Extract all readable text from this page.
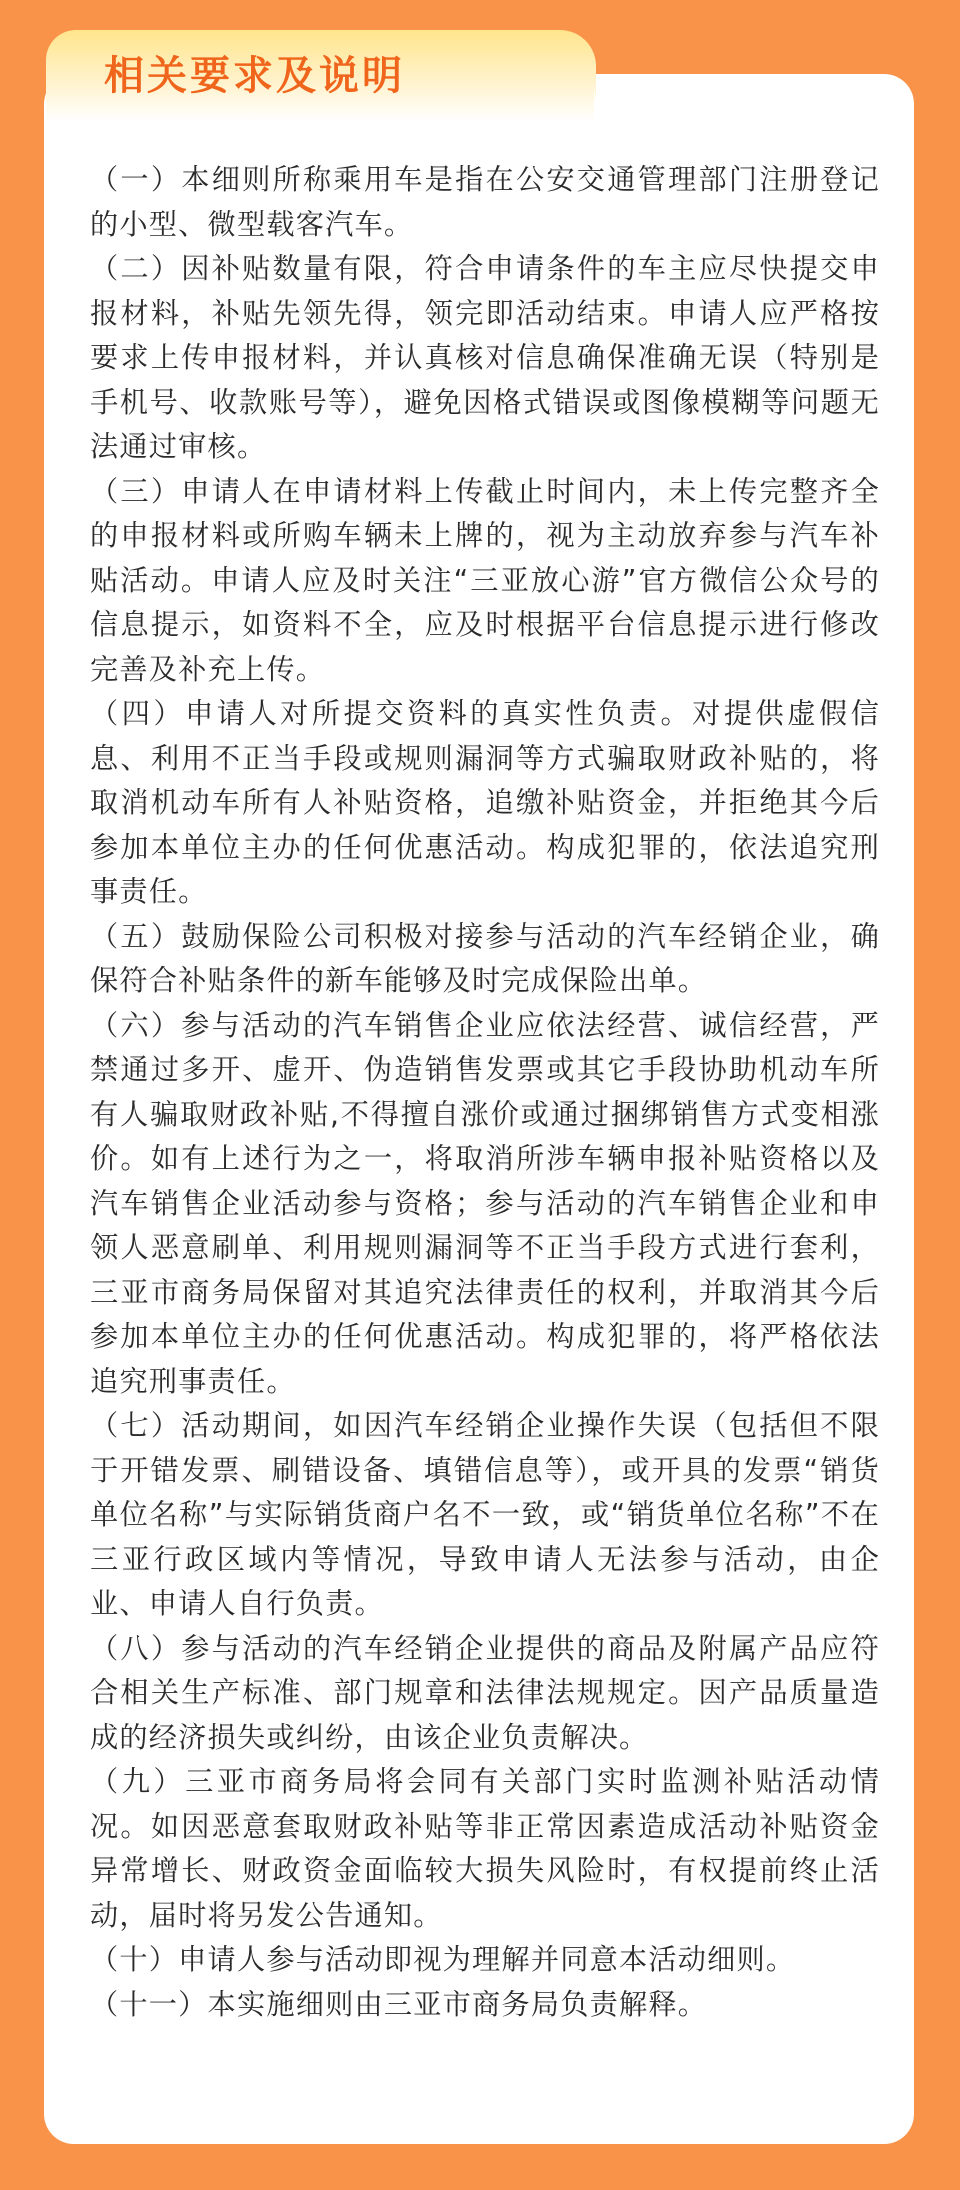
相关要求及说明

（一）本细则所称乘用车是指在公安交通管理部门注册登记的小型、微型载客汽车。

（二）因补贴数量有限，符合申请条件的车主应尽快提交申报材料，补贴先领先得，领完即活动结束。申请人应严格按要求上传申报材料，并认真核对信息确保准确无误（特别是手机号、收款账号等），避免因格式错误或图像模糊等问题无法通过审核。

（三）申请人在申请材料上传截止时间内，未上传完整齐全的申报材料或所购车辆未上牌的，视为主动放弃参与汽车补贴活动。申请人应及时关注“三亚放心游”官方微信公众号的信息提示，如资料不全，应及时根据平台信息提示进行修改完善及补充上传。

（四）申请人对所提交资料的真实性负责。对提供虚假信息、利用不正当手段或规则漏洞等方式骗取财政补贴的，将取消机动车所有人补贴资格，追缴补贴资金，并拒绝其今后参加本单位主办的任何优惠活动。构成犯罪的，依法追究刑事责任。

（五）鼓励保险公司积极对接参与活动的汽车经销企业，确保符合补贴条件的新车能够及时完成保险出单。

（六）参与活动的汽车销售企业应依法经营、诚信经营，严禁通过多开、虚开、伪造销售发票或其它手段协助机动车所有人骗取财政补贴,不得擅自涨价或通过捆绑销售方式变相涨价。如有上述行为之一，将取消所涉车辆申报补贴资格以及汽车销售企业活动参与资格；参与活动的汽车销售企业和申领人恶意刷单、利用规则漏洞等不正当手段方式进行套利，三亚市商务局保留对其追究法律责任的权利，并取消其今后参加本单位主办的任何优惠活动。构成犯罪的，将严格依法追究刑事责任。

（七）活动期间，如因汽车经销企业操作失误（包括但不限于开错发票、刷错设备、填错信息等），或开具的发票“销货单位名称”与实际销货商户名不一致，或“销货单位名称”不在三亚行政区域内等情况，导致申请人无法参与活动，由企业、申请人自行负责。

（八）参与活动的汽车经销企业提供的商品及附属产品应符合相关生产标准、部门规章和法律法规规定。因产品质量造成的经济损失或纠纷，由该企业负责解决。

（九）三亚市商务局将会同有关部门实时监测补贴活动情况。如因恶意套取财政补贴等非正常因素造成活动补贴资金异常增长、财政资金面临较大损失风险时，有权提前终止活动，届时将另发公告通知。

（十）申请人参与活动即视为理解并同意本活动细则。

（十一）本实施细则由三亚市商务局负责解释。
